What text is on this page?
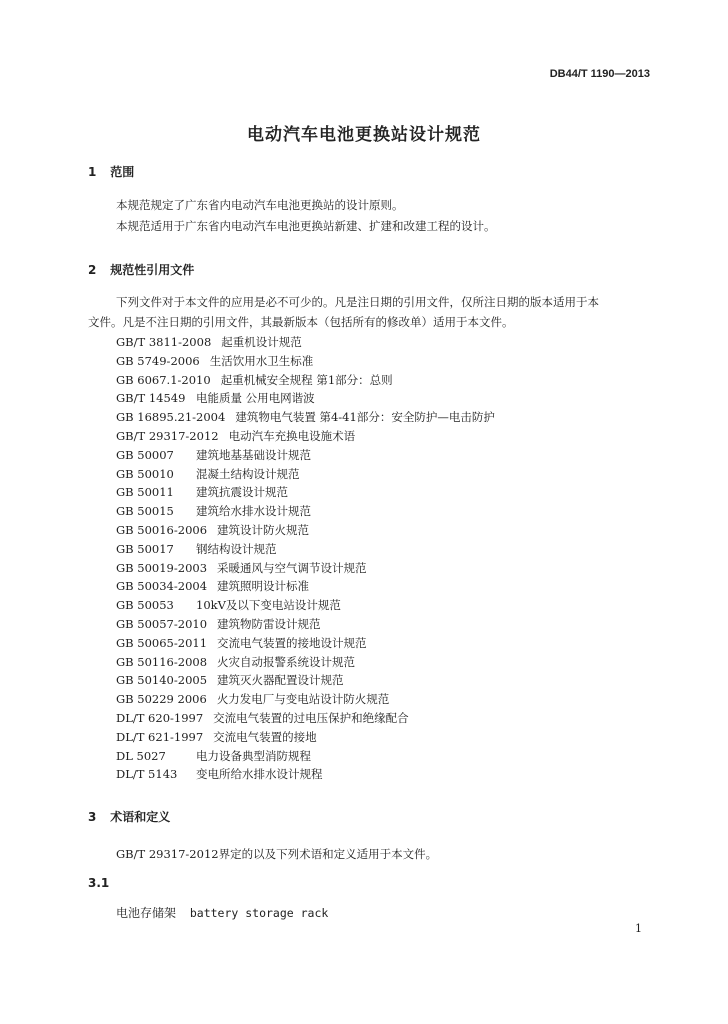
DB44/T 1190—2013
电动汽车电池更换站设计规范
1 范围
本规范规定了广东省内电动汽车电池更换站的设计原则。
本规范适用于广东省内电动汽车电池更换站新建、扩建和改建工程的设计。
2 规范性引用文件
下列文件对于本文件的应用是必不可少的。凡是注日期的引用文件，仅所注日期的版本适用于本
文件。凡是不注日期的引用文件，其最新版本（包括所有的修改单）适用于本文件。
GB/T 3811-2008 起重机设计规范
GB 5749-2006 生活饮用水卫生标准
GB 6067.1-2010 起重机械安全规程 第1部分：总则
GB/T 14549 电能质量 公用电网谐波
GB 16895.21-2004 建筑物电气装置 第4-41部分：安全防护—电击防护
GB/T 29317-2012 电动汽车充换电设施术语
GB 50007 建筑地基基础设计规范
GB 50010 混凝土结构设计规范
GB 50011 建筑抗震设计规范
GB 50015 建筑给水排水设计规范
GB 50016-2006 建筑设计防火规范
GB 50017 钢结构设计规范
GB 50019-2003 采暖通风与空气调节设计规范
GB 50034-2004 建筑照明设计标准
GB 50053 10kV及以下变电站设计规范
GB 50057-2010 建筑物防雷设计规范
GB 50065-2011 交流电气装置的接地设计规范
GB 50116-2008 火灾自动报警系统设计规范
GB 50140-2005 建筑灭火器配置设计规范
GB 50229 2006 火力发电厂与变电站设计防火规范
DL/T 620-1997 交流电气装置的过电压保护和绝缘配合
DL/T 621-1997 交流电气装置的接地
DL 5027	电力设备典型消防规程
DL/T 5143 变电所给水排水设计规程
3 术语和定义
GB/T 29317-2012界定的以及下列术语和定义适用于本文件。
3.1
电池存储架 battery storage rack
1
